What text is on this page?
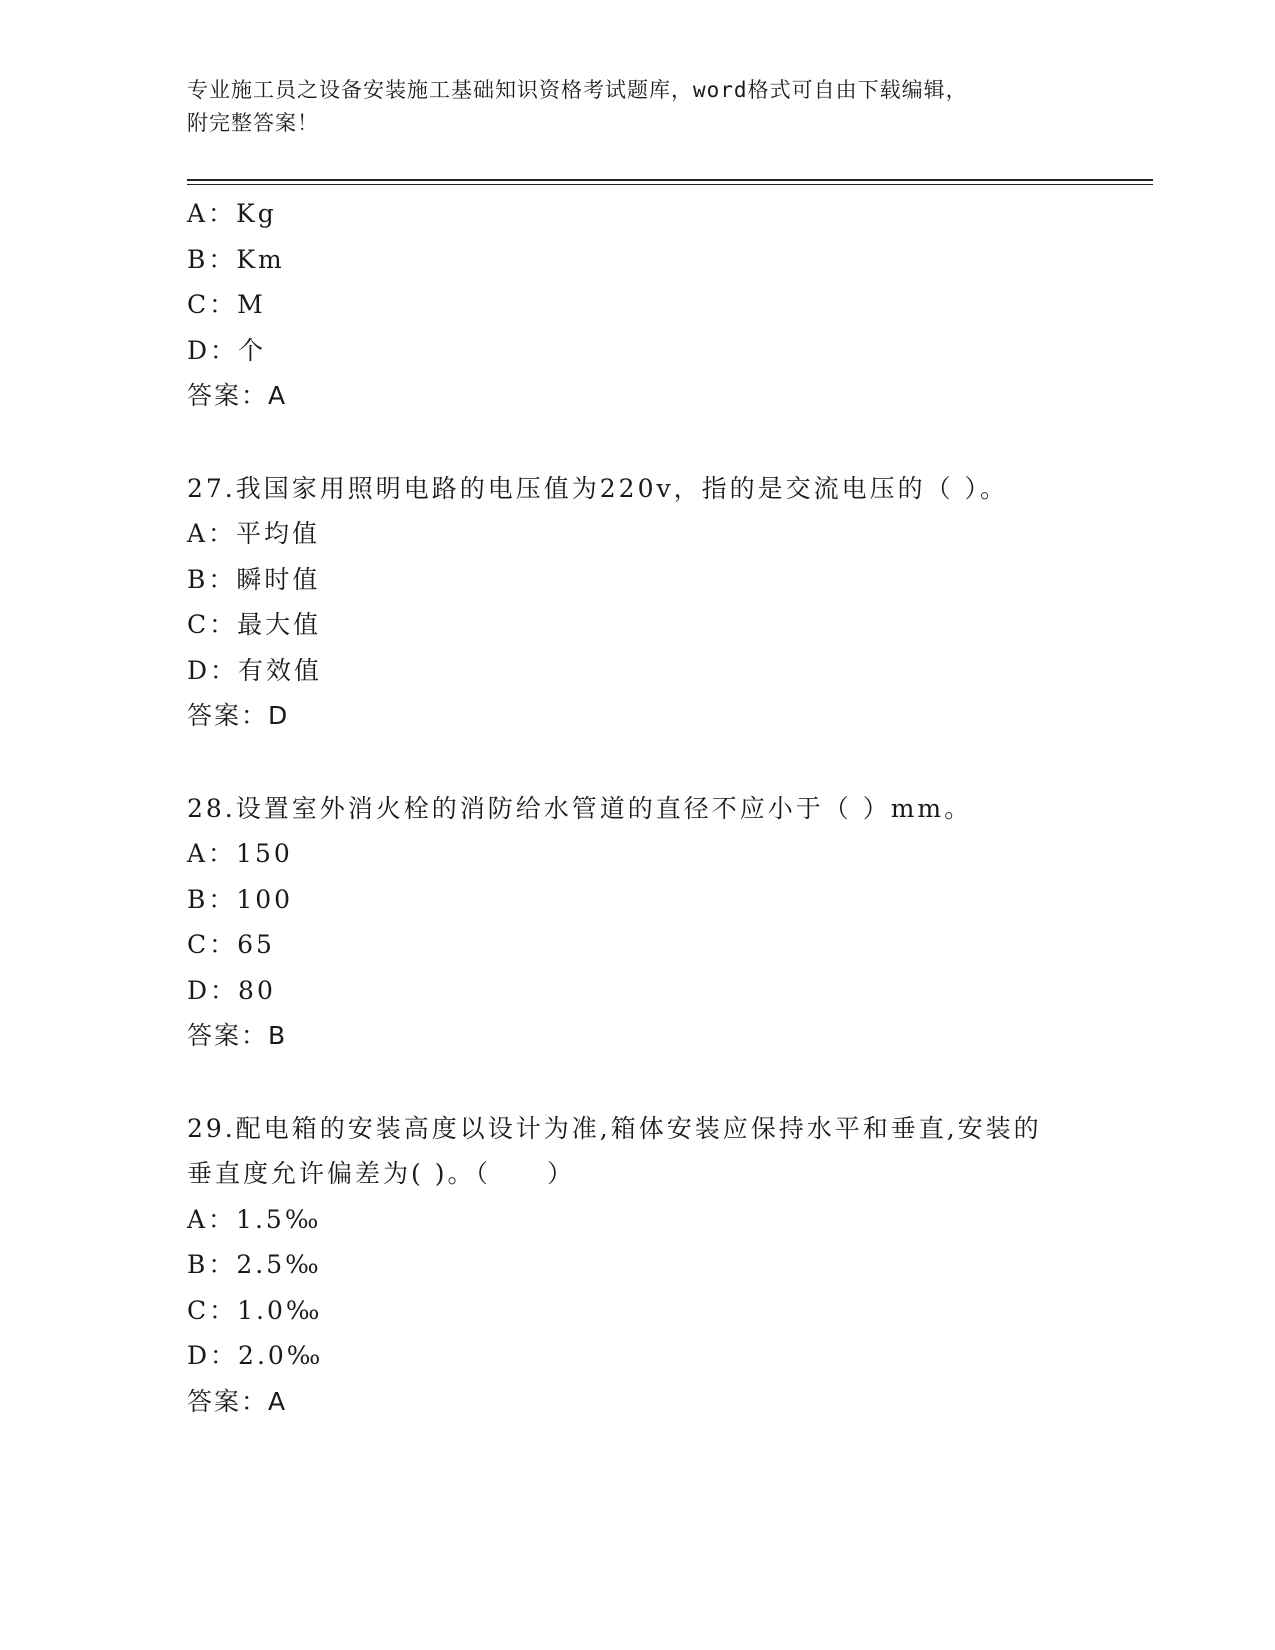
专业施工员之设备安装施工基础知识资格考试题库，word格式可自由下载编辑，
附完整答案！
A：Kg
B：Km
C：M
D：个
答案：A
27.我国家用照明电路的电压值为220v，指的是交流电压的（ ）。
A：平均值
B：瞬时值
C：最大值
D：有效值
答案：D
28.设置室外消火栓的消防给水管道的直径不应小于（ ）mm。
A：150
B：100
C：65
D：80
答案：B
29.配电箱的安装高度以设计为准,箱体安装应保持水平和垂直,安装的
垂直度允许偏差为( )。（　　）
A：1.5‰
B：2.5‰
C：1.0‰
D：2.0‰
答案：A
